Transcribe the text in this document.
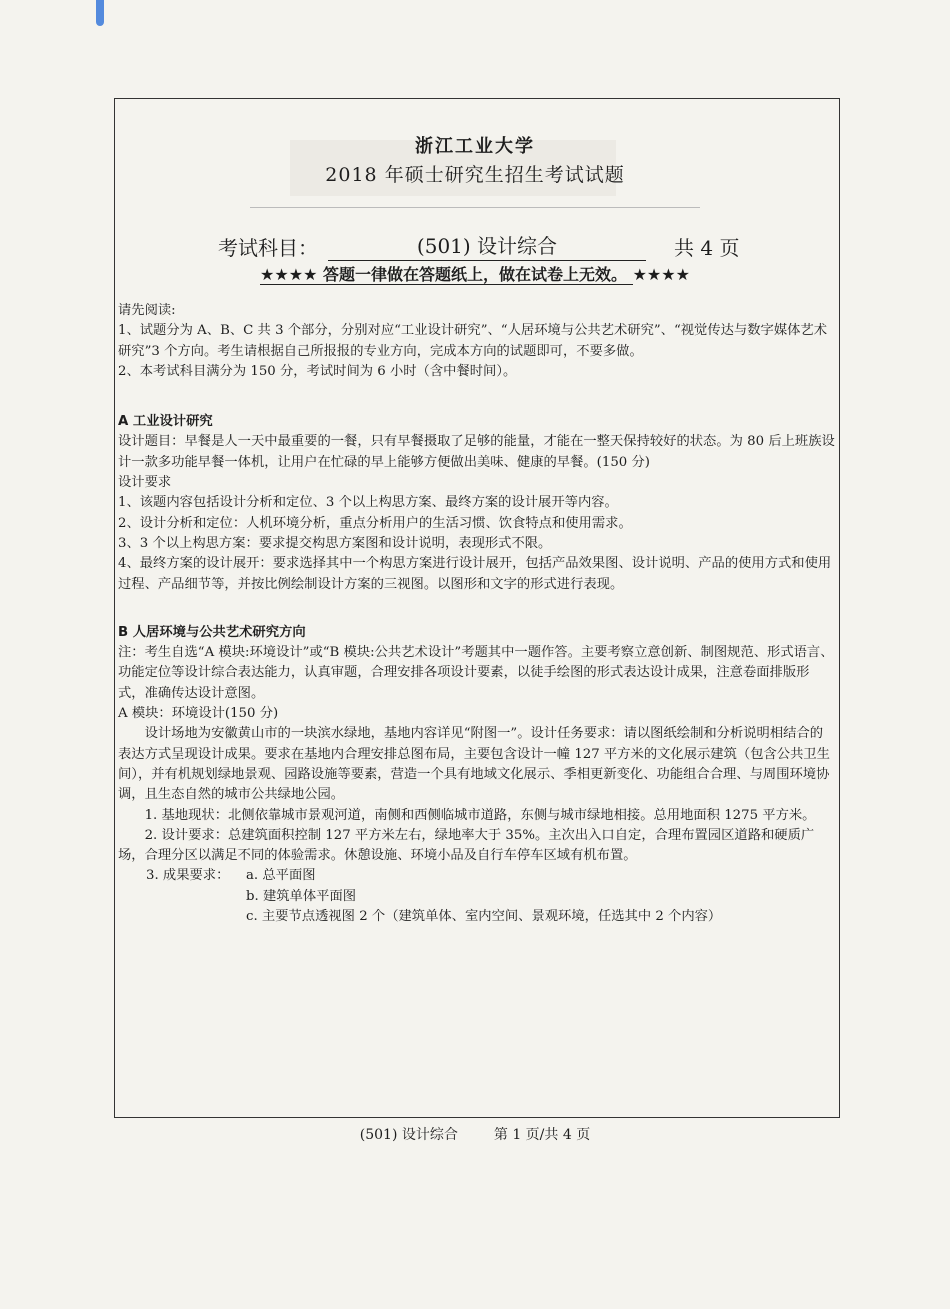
浙江工业大学
2018 年硕士研究生招生考试试题
考试科目：	(501) 设计综合	共 4 页
★★★★ 答题一律做在答题纸上，做在试卷上无效。 ★★★★

请先阅读:

1、试题分为 A、B、C 共 3 个部分，分别对应“工业设计研究”、“人居环境与公共艺术研究”、“视觉传达与数字媒体艺术研究”3 个方向。考生请根据自己所报报的专业方向，完成本方向的试题即可，不要多做。

2、本考试科目满分为 150 分，考试时间为 6 小时（含中餐时间）。

A 工业设计研究

设计题目：早餐是人一天中最重要的一餐，只有早餐摄取了足够的能量，才能在一整天保持较好的状态。为 80 后上班族设计一款多功能早餐一体机，让用户在忙碌的早上能够方便做出美味、健康的早餐。(150 分)

设计要求

1、该题内容包括设计分析和定位、3 个以上构思方案、最终方案的设计展开等内容。

2、设计分析和定位：人机环境分析，重点分析用户的生活习惯、饮食特点和使用需求。

3、3 个以上构思方案：要求提交构思方案图和设计说明，表现形式不限。

4、最终方案的设计展开：要求选择其中一个构思方案进行设计展开，包括产品效果图、设计说明、产品的使用方式和使用过程、产品细节等，并按比例绘制设计方案的三视图。以图形和文字的形式进行表现。

B 人居环境与公共艺术研究方向

注：考生自选“A 模块:环境设计”或“B 模块:公共艺术设计”考题其中一题作答。主要考察立意创新、制图规范、形式语言、功能定位等设计综合表达能力，认真审题，合理安排各项设计要素，以徒手绘图的形式表达设计成果，注意卷面排版形式，准确传达设计意图。

A 模块：环境设计(150 分)

设计场地为安徽黄山市的一块滨水绿地，基地内容详见“附图一”。设计任务要求：请以图纸绘制和分析说明相结合的表达方式呈现设计成果。要求在基地内合理安排总图布局，主要包含设计一幢 127 平方米的文化展示建筑（包含公共卫生间），并有机规划绿地景观、园路设施等要素，营造一个具有地域文化展示、季相更新变化、功能组合合理、与周围环境协调，且生态自然的城市公共绿地公园。

1. 基地现状：北侧依靠城市景观河道，南侧和西侧临城市道路，东侧与城市绿地相接。总用地面积 1275 平方米。

2. 设计要求：总建筑面积控制 127 平方米左右，绿地率大于 35%。主次出入口自定，合理布置园区道路和硬质广场，合理分区以满足不同的体验需求。休憩设施、环境小品及自行车停车区域有机布置。

3. 成果要求：	a. 总平面图
b. 建筑单体平面图
c. 主要节点透视图 2 个（建筑单体、室内空间、景观环境，任选其中 2 个内容）
(501) 设计综合	第 1 页/共 4 页
